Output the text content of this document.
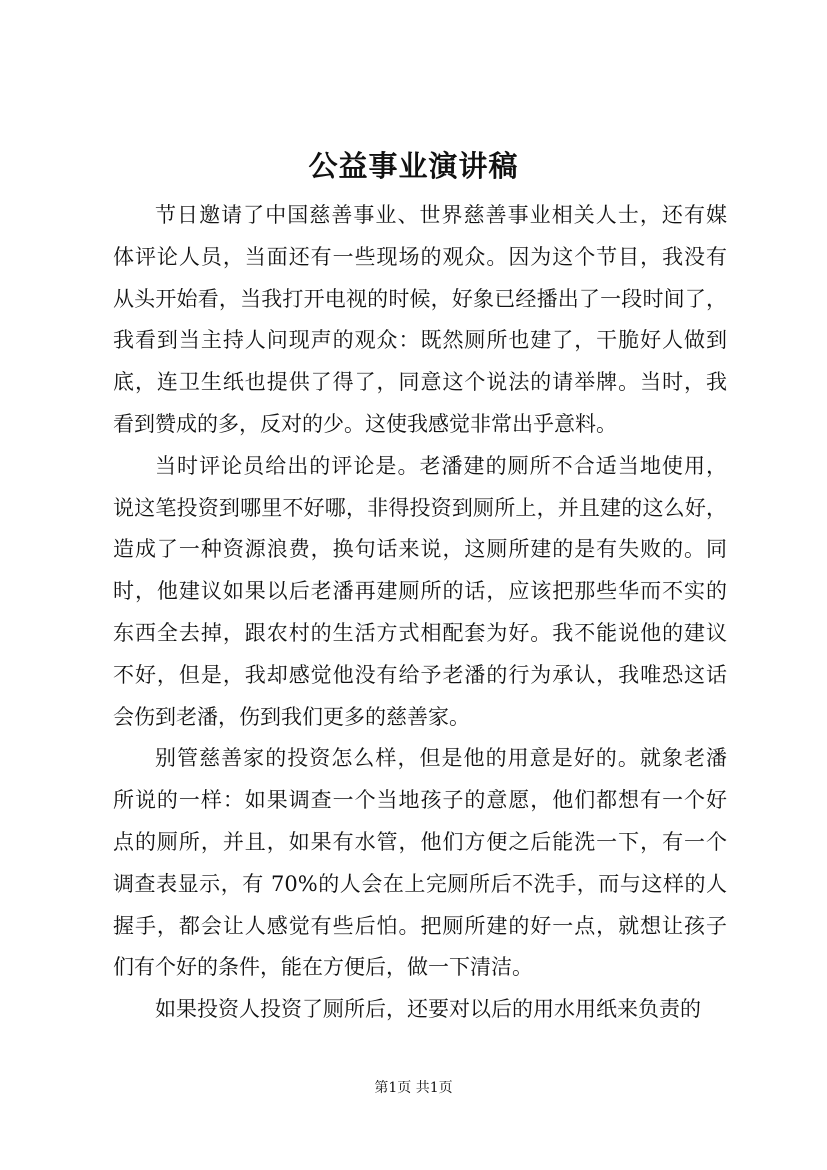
公益事业演讲稿
节日邀请了中国慈善事业、世界慈善事业相关人士，还有媒
体评论人员，当面还有一些现场的观众。因为这个节目，我没有
从头开始看，当我打开电视的时候，好象已经播出了一段时间了，
我看到当主持人问现声的观众：既然厕所也建了，干脆好人做到
底，连卫生纸也提供了得了，同意这个说法的请举牌。当时，我
看到赞成的多，反对的少。这使我感觉非常出乎意料。
当时评论员给出的评论是。老潘建的厕所不合适当地使用，
说这笔投资到哪里不好哪，非得投资到厕所上，并且建的这么好，
造成了一种资源浪费，换句话来说，这厕所建的是有失败的。同
时，他建议如果以后老潘再建厕所的话，应该把那些华而不实的
东西全去掉，跟农村的生活方式相配套为好。我不能说他的建议
不好，但是，我却感觉他没有给予老潘的行为承认，我唯恐这话
会伤到老潘，伤到我们更多的慈善家。
别管慈善家的投资怎么样，但是他的用意是好的。就象老潘
所说的一样：如果调查一个当地孩子的意愿，他们都想有一个好
点的厕所，并且，如果有水管，他们方便之后能洗一下，有一个
调查表显示，有 70%的人会在上完厕所后不洗手，而与这样的人
握手，都会让人感觉有些后怕。把厕所建的好一点，就想让孩子
们有个好的条件，能在方便后，做一下清洁。
如果投资人投资了厕所后，还要对以后的用水用纸来负责的
第1页 共1页
